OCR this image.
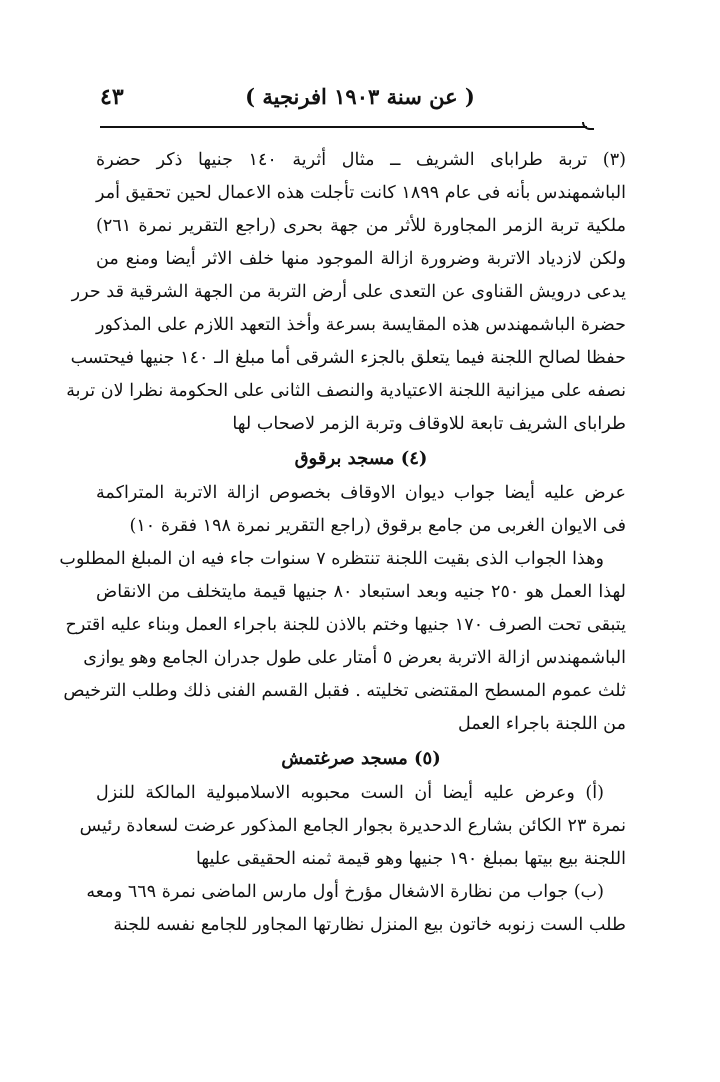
( عن سنة ١٩٠٣ افرنجية )
٤٣
(٣) تربة طراباى الشريف ــ مثال أثرية ١٤٠ جنيها ذكر حضرة
الباشمهندس بأنه فى عام ١٨٩٩ كانت تأجلت هذه الاعمال لحين تحقيق أمر
ملكية تربة الزمر المجاورة للأثر من جهة بحرى (راجع التقرير نمرة ٢٦١)
ولكن لازدياد الاتربة وضرورة ازالة الموجود منها خلف الاثر أيضا ومنع من
يدعى درويش القناوى عن التعدى على أرض التربة من الجهة الشرقية قد حرر
حضرة الباشمهندس هذه المقايسة بسرعة وأخذ التعهد اللازم على المذكور
حفظا لصالح اللجنة فيما يتعلق بالجزء الشرقى أما مبلغ الـ ١٤٠ جنيها فيحتسب
نصفه على ميزانية اللجنة الاعتيادية والنصف الثانى على الحكومة نظرا لان تربة
طراباى الشريف تابعة للاوقاف وتربة الزمر لاصحاب لها
(٤) مسجد برقوق
عرض عليه أيضا جواب ديوان الاوقاف بخصوص ازالة الاتربة المتراكمة
فى الايوان الغربى من جامع برقوق (راجع التقرير نمرة ١٩٨ فقرة ١٠)
وهذا الجواب الذى بقيت اللجنة تنتظره ٧ سنوات جاء فيه ان المبلغ المطلوب
لهذا العمل هو ٢٥٠ جنيه وبعد استبعاد ٨٠ جنيها قيمة مايتخلف من الانقاض
يتبقى تحت الصرف ١٧٠ جنيها وختم بالاذن للجنة باجراء العمل وبناء عليه اقترح
الباشمهندس ازالة الاتربة بعرض ٥ أمتار على طول جدران الجامع وهو يوازى
ثلث عموم المسطح المقتضى تخليته . فقبل القسم الفنى ذلك وطلب الترخيص
من اللجنة باجراء العمل
(٥) مسجد صرغتمش
(أ) وعرض عليه أيضا أن الست محبوبه الاسلامبولية المالكة للنزل
نمرة ٢٣ الكائن بشارع الدحديرة بجوار الجامع المذكور عرضت لسعادة رئيس
اللجنة بيع بيتها بمبلغ ١٩٠ جنيها وهو قيمة ثمنه الحقيقى عليها
(ب) جواب من نظارة الاشغال مؤرخ أول مارس الماضى نمرة ٦٦٩ ومعه
طلب الست زنوبه خاتون بيع المنزل نظارتها المجاور للجامع نفسه للجنة
